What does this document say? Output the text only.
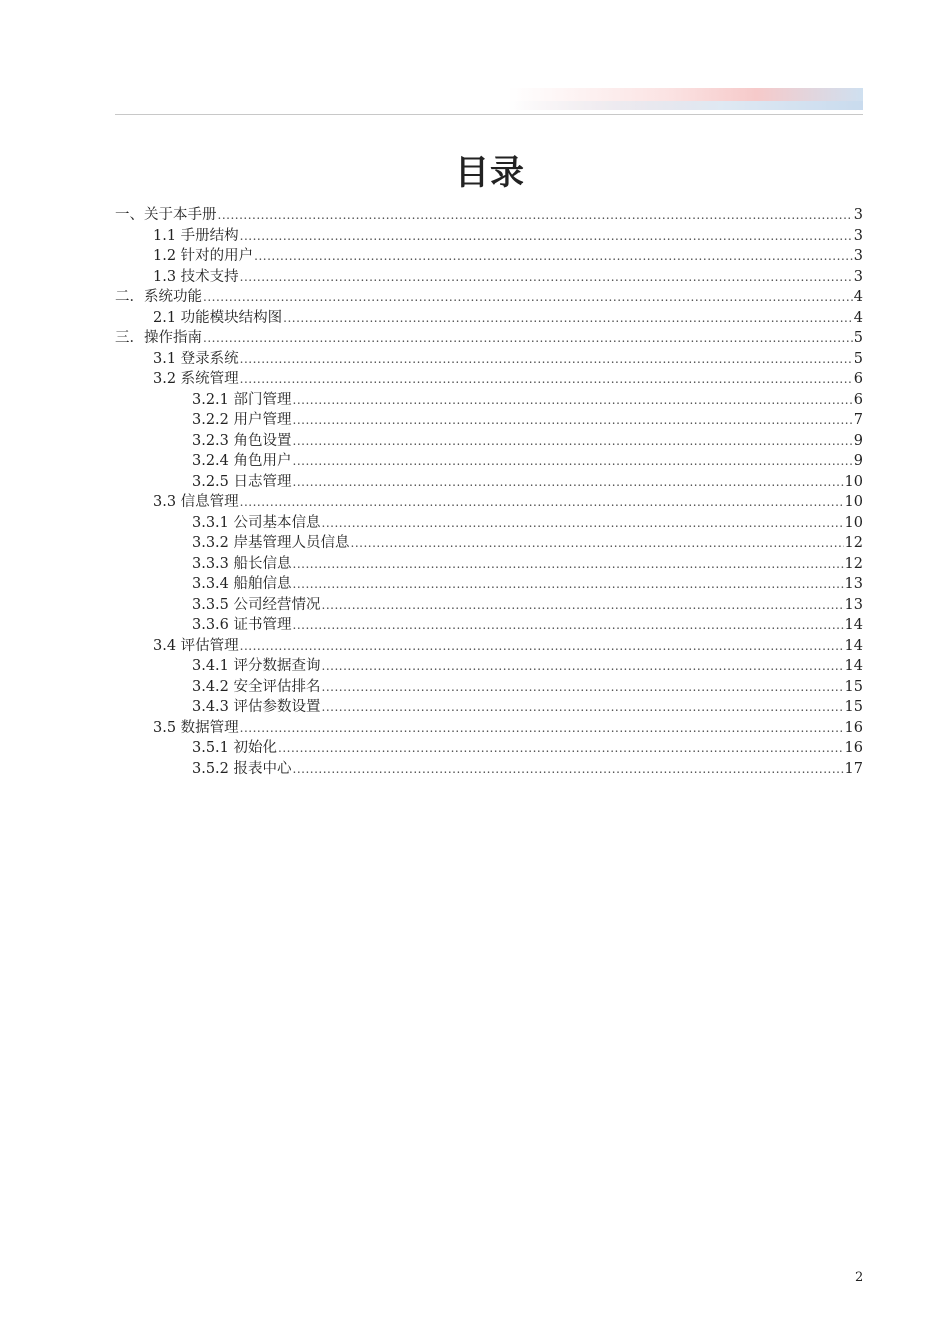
目录
一、关于本手册 .....	3
1.1 手册结构 .....	3
1.2 针对的用户 .....	3
1.3 技术支持 .....	3
二．系统功能 .....	4
2.1 功能模块结构图 .....	4
三．操作指南 .....	5
3.1 登录系统 .....	5
3.2 系统管理 .....	6
3.2.1 部门管理 .....	6
3.2.2 用户管理 .....	7
3.2.3 角色设置 .....	9
3.2.4 角色用户 .....	9
3.2.5 日志管理 .....	10
3.3 信息管理 .....	10
3.3.1 公司基本信息 .....	10
3.3.2 岸基管理人员信息 .....	12
3.3.3 船长信息 .....	12
3.3.4 船舶信息 .....	13
3.3.5 公司经营情况 .....	13
3.3.6 证书管理 .....	14
3.4 评估管理 .....	14
3.4.1 评分数据查询 .....	14
3.4.2 安全评估排名 .....	15
3.4.3 评估参数设置 .....	15
3.5 数据管理 .....	16
3.5.1 初始化 .....	16
3.5.2 报表中心 .....	17
2
